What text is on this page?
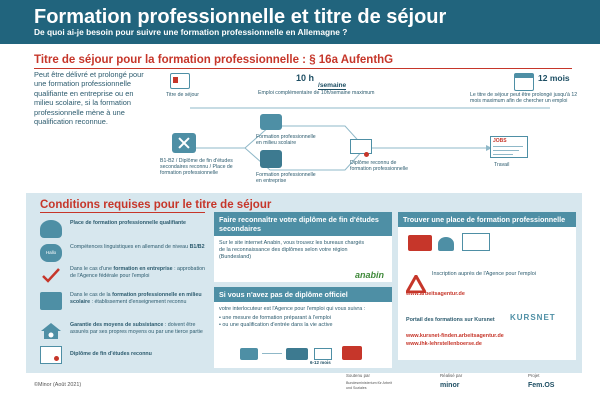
Formation professionnelle et titre de séjour
De quoi ai-je besoin pour suivre une formation professionnelle en Allemagne ?
Titre de séjour pour la formation professionnelle : § 16a AufenthG
Peut être délivré et prolongé pour une formation professionnelle qualifiante en entreprise ou en milieu scolaire, si la formation professionnelle mène à une qualification reconnue.
Titre de séjour
10 h
/semaine
Emploi complémentaire de 10h/semaine maximum
12 mois
Le titre de séjour peut être prolongé jusqu'à 12 mois maximum afin de chercher un emploi
B1-B2 / Diplôme de fin d'études secondaires reconnu / Place de formation professionnelle
Formation professionnelle en milieu scolaire
Formation professionnelle en entreprise
Diplôme reconnu de formation professionnelle
JOBS
Travail
Conditions requises pour le titre de séjour
Place de formation professionnelle qualifiante
Hallo
Compétences linguistiques en allemand de niveau B1/B2
Dans le cas d'une formation en entreprise : approbation de l'Agence fédérale pour l'emploi
Dans le cas de la formation professionnelle en milieu scolaire : établissement d'enseignement reconnu
Garantie des moyens de subsistance : doivent être assurés par ses propres moyens ou par une tierce partie
Diplôme de fin d'études reconnu
Faire reconnaître votre diplôme de fin d'études secondaires
Sur le site internet Anabin, vous trouvez les bureaux chargés de la reconnaissance des diplômes selon votre région (Bundesland)
anabin
Si vous n'avez pas de diplôme officiel
votre interlocuteur est l'Agence pour l'emploi qui vous suivra :
• une mesure de formation préparant à l'emploi
• ou une qualification d'entrée dans la vie active
6-12 mois
Trouver une place de formation professionnelle
Inscription auprès de l'Agence pour l'emploi
www.arbeitsagentur.de
Portail des formations sur Kursnet KURSNET
www.kursnet-finden.arbeitsagentur.de
www.ihk-lehrstellenboerse.de
©Minor (Août 2021)
Soutenu par
Bundesministerium für Arbeit und Soziales
Réalisé par
minor
Projet
Fem.OS
